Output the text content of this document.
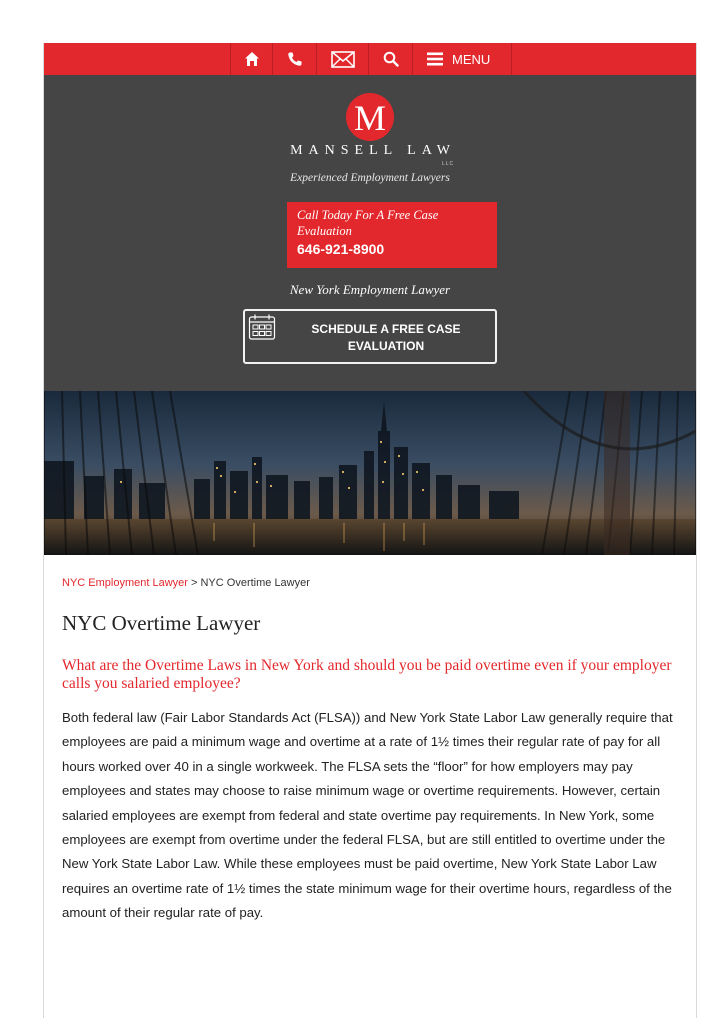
MENU
M
MANSELL LAW
LLC
Experienced Employment Lawyers
Call Today For A Free Case Evaluation
646-921-8900
New York Employment Lawyer
SCHEDULE A FREE CASE EVALUATION
NYC Employment Lawyer > NYC Overtime Lawyer
NYC Overtime Lawyer
What are the Overtime Laws in New York and should you be paid overtime even if your employer calls you salaried employee?

Both federal law (Fair Labor Standards Act (FLSA)) and New York State Labor Law generally require that employees are paid a minimum wage and overtime at a rate of 1½ times their regular rate of pay for all hours worked over 40 in a single workweek. The FLSA sets the “floor” for how employers may pay employees and states may choose to raise minimum wage or overtime requirements. However, certain salaried employees are exempt from federal and state overtime pay requirements. In New York, some employees are exempt from overtime under the federal FLSA, but are still entitled to overtime under the New York State Labor Law. While these employees must be paid overtime, New York State Labor Law requires an overtime rate of 1½ times the state minimum wage for their overtime hours, regardless of the amount of their regular rate of pay.
